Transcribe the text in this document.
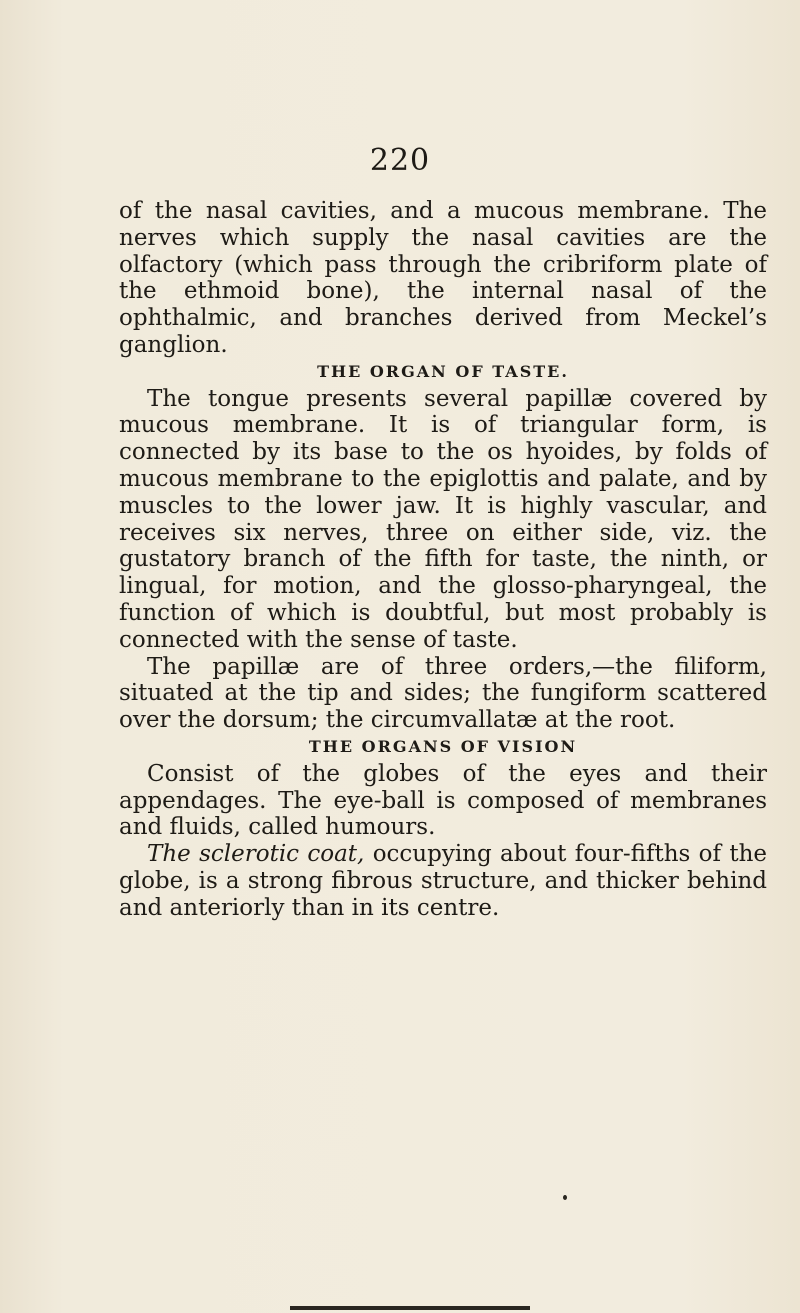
220

of the nasal cavities, and a mucous membrane. The nerves which supply the nasal cavities are the olfactory (which pass through the cribriform plate of the ethmoid bone), the internal nasal of the ophthalmic, and branches derived from Meckel’s ganglion.

THE ORGAN OF TASTE.

The tongue presents several papillæ covered by mucous membrane. It is of triangular form, is connected by its base to the os hyoides, by folds of mucous membrane to the epiglottis and palate, and by muscles to the lower jaw. It is highly vascular, and receives six nerves, three on either side, viz. the gustatory branch of the fifth for taste, the ninth, or lingual, for motion, and the glosso-pharyngeal, the function of which is doubtful, but most probably is connected with the sense of taste.

The papillæ are of three orders,—the filiform, situated at the tip and sides; the fungiform scattered over the dorsum; the circumvallatæ at the root.

THE ORGANS OF VISION

Consist of the globes of the eyes and their appendages. The eye-ball is composed of membranes and fluids, called humours.

The sclerotic coat, occupying about four-fifths of the globe, is a strong fibrous structure, and thicker behind and anteriorly than in its centre.
